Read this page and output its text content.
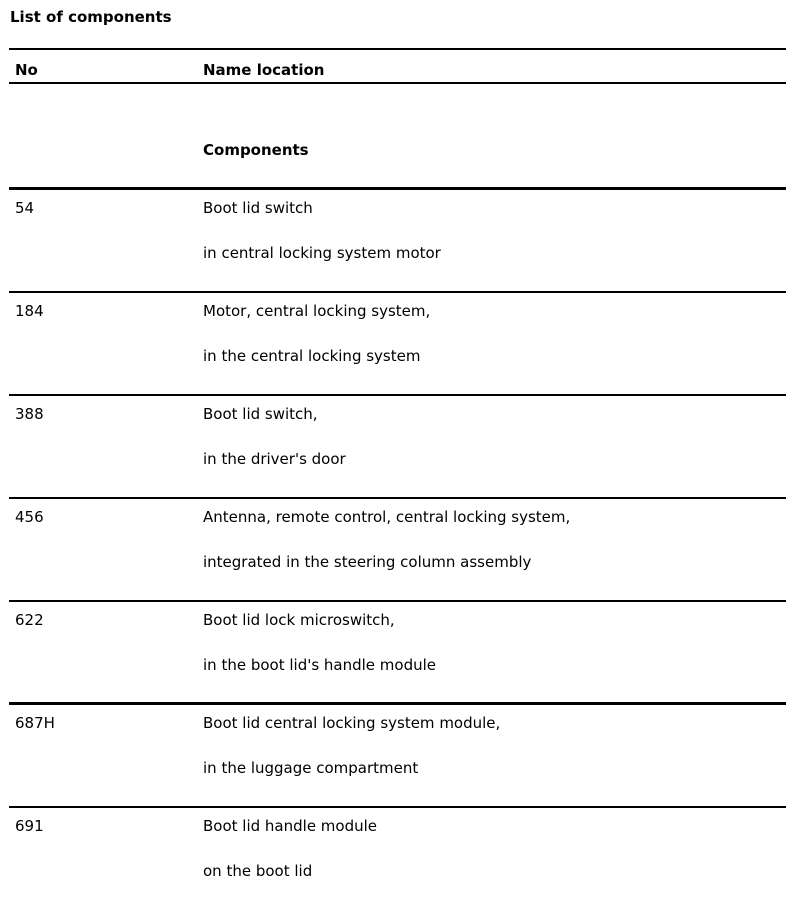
List of components
No	Name location
Components
54	Boot lid switch
in central locking system motor
184	Motor, central locking system,
in the central locking system
388	Boot lid switch,
in the driver's door
456	Antenna, remote control, central locking system,
integrated in the steering column assembly
622	Boot lid lock microswitch,
in the boot lid's handle module
687H	Boot lid central locking system module,
in the luggage compartment
691	Boot lid handle module
on the boot lid
